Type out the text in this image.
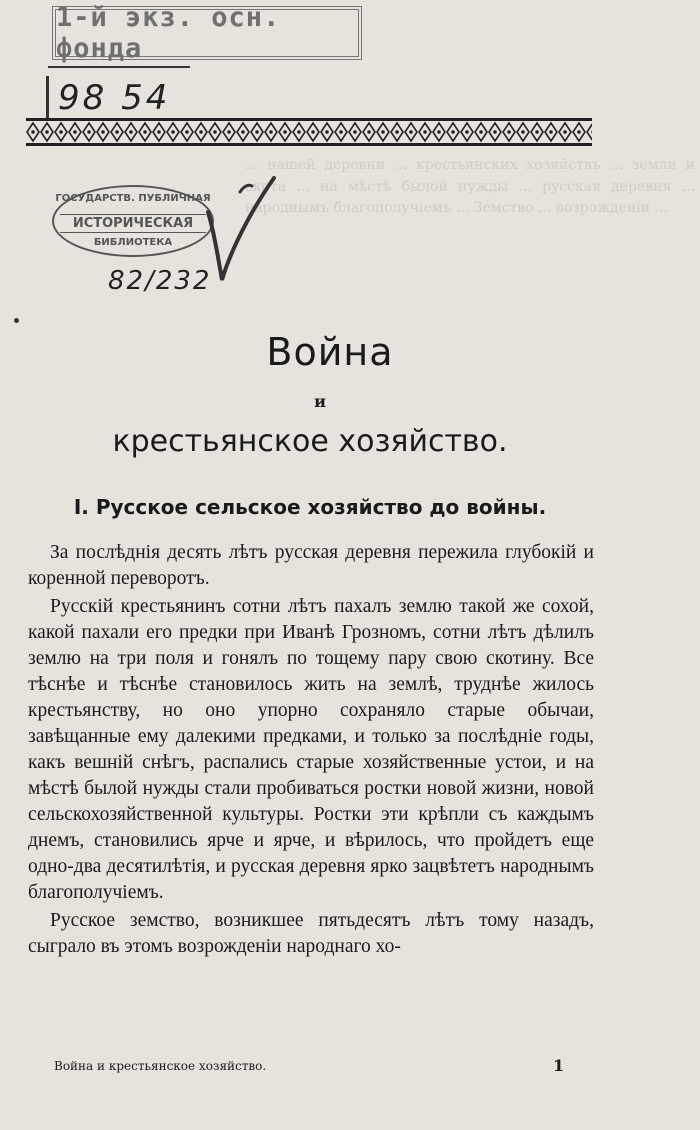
1-й экз. осн. фонда
98 54
... нашей деревни ... крестьянских хозяйствъ ... земли и скота ... на мѣстѣ былой нужды ... русская деревня ... народнымъ благополучіемъ ... Земство ... возрожденіи ...
ГОСУДАРСТВ. ПУБЛИЧНАЯ
ИСТОРИЧЕСКАЯ
БИБЛИОТЕКА
82/232
Война
и
крестьянское хозяйство.
I. Русское сельское хозяйство до войны.

За послѣднія десять лѣтъ русская деревня пережила глубокій и коренной переворотъ.

Русскій крестьянинъ сотни лѣтъ пахалъ землю такой же сохой, какой пахали его предки при Иванѣ Грозномъ, сотни лѣтъ дѣлилъ землю на три поля и гонялъ по тощему пару свою скотину. Все тѣснѣе и тѣснѣе становилось жить на землѣ, труднѣе жилось крестьянству, но оно упорно сохраняло старые обычаи, завѣщанные ему далекими предками, и только за послѣдніе годы, какъ вешній снѣгъ, распались старые хозяйственные устои, и на мѣстѣ былой нужды стали пробиваться ростки новой жизни, новой сельскохозяйственной культуры. Ростки эти крѣпли съ каждымъ днемъ, становились ярче и ярче, и вѣрилось, что пройдетъ еще одно-два десятилѣтія, и русская деревня ярко зацвѣтетъ народнымъ благополучіемъ.

Русское земство, возникшее пятьдесятъ лѣтъ тому назадъ, сыграло въ этомъ возрожденіи народнаго хо-

Война и крестьянское хозяйство.	1
